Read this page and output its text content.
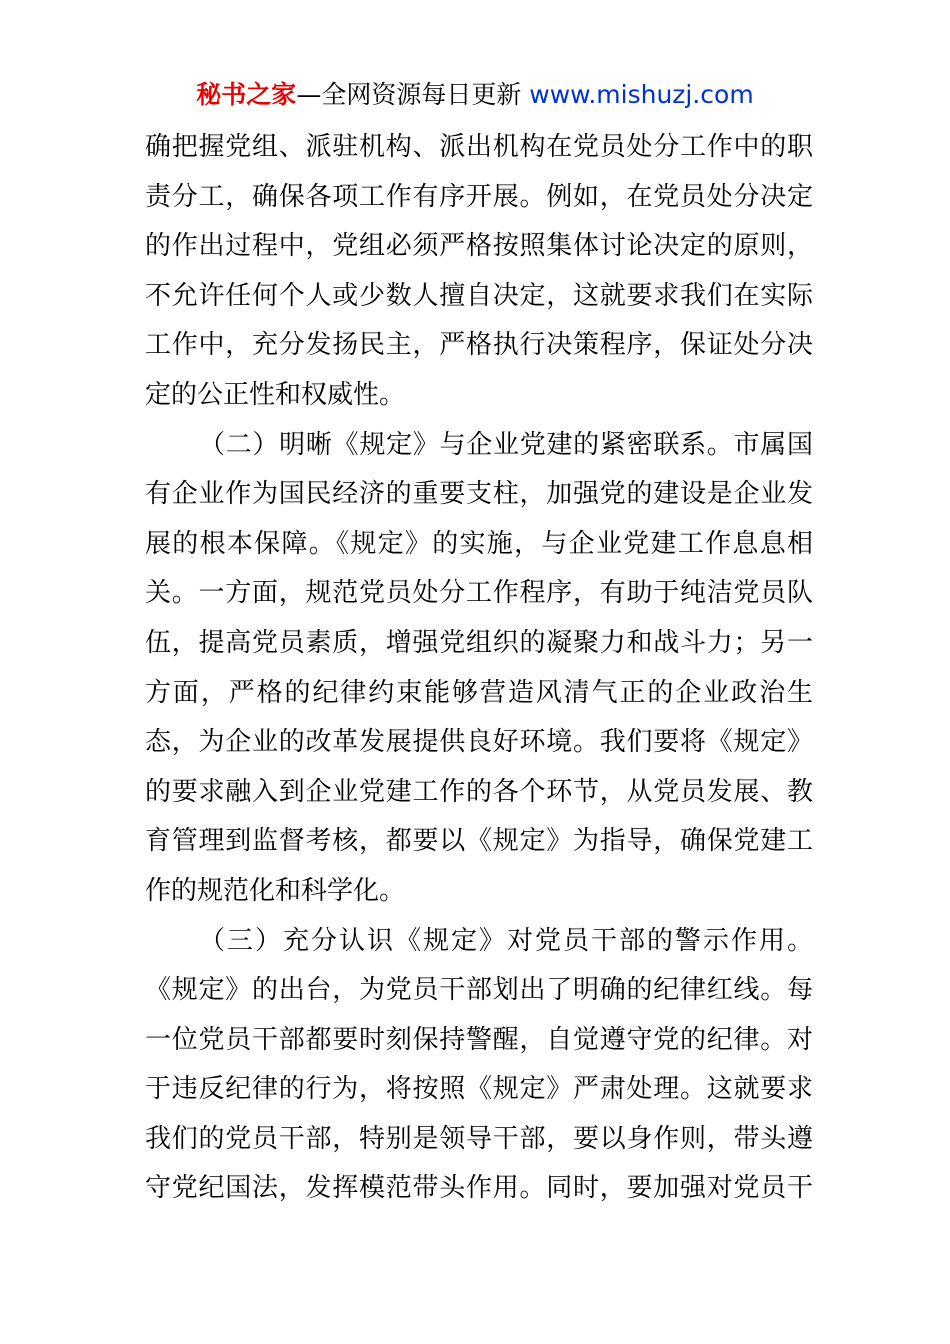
秘书之家—全网资源每日更新 www.mishuzj.com
确把握党组、派驻机构、派出机构在党员处分工作中的职
责分工，确保各项工作有序开展。例如，在党员处分决定
的作出过程中，党组必须严格按照集体讨论决定的原则，
不允许任何个人或少数人擅自决定，这就要求我们在实际
工作中，充分发扬民主，严格执行决策程序，保证处分决
定的公正性和权威性。
（二）明晰《规定》与企业党建的紧密联系。市属国
有企业作为国民经济的重要支柱，加强党的建设是企业发
展的根本保障。《规定》的实施，与企业党建工作息息相
关。一方面，规范党员处分工作程序，有助于纯洁党员队
伍，提高党员素质，增强党组织的凝聚力和战斗力；另一
方面，严格的纪律约束能够营造风清气正的企业政治生
态，为企业的改革发展提供良好环境。我们要将《规定》
的要求融入到企业党建工作的各个环节，从党员发展、教
育管理到监督考核，都要以《规定》为指导，确保党建工
作的规范化和科学化。
（三）充分认识《规定》对党员干部的警示作用。
《规定》的出台，为党员干部划出了明确的纪律红线。每
一位党员干部都要时刻保持警醒，自觉遵守党的纪律。对
于违反纪律的行为，将按照《规定》严肃处理。这就要求
我们的党员干部，特别是领导干部，要以身作则，带头遵
守党纪国法，发挥模范带头作用。同时，要加强对党员干
